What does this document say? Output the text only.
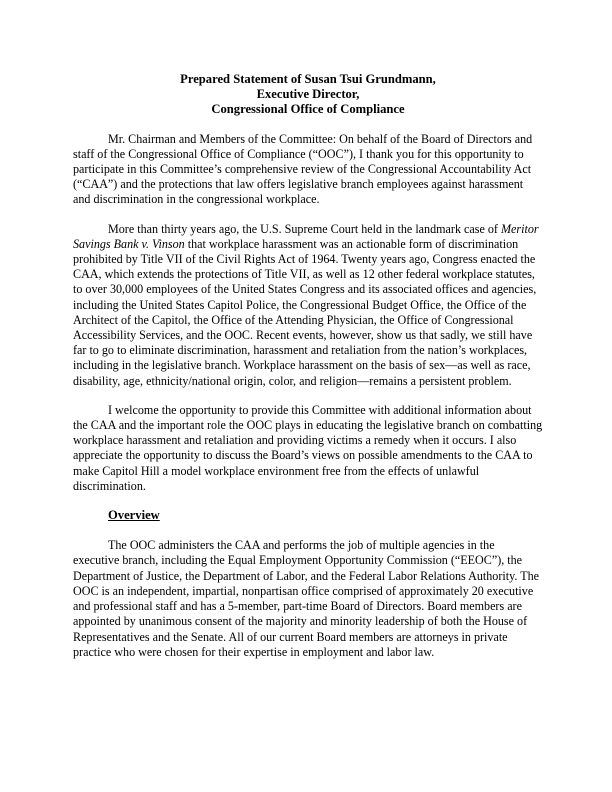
Prepared Statement of Susan Tsui Grundmann,
Executive Director,
Congressional Office of Compliance

Mr. Chairman and Members of the Committee: On behalf of the Board of Directors and staff of the Congressional Office of Compliance (“OOC”), I thank you for this opportunity to participate in this Committee’s comprehensive review of the Congressional Accountability Act (“CAA”) and the protections that law offers legislative branch employees against harassment and discrimination in the congressional workplace.

More than thirty years ago, the U.S. Supreme Court held in the landmark case of Meritor Savings Bank v. Vinson that workplace harassment was an actionable form of discrimination prohibited by Title VII of the Civil Rights Act of 1964. Twenty years ago, Congress enacted the CAA, which extends the protections of Title VII, as well as 12 other federal workplace statutes, to over 30,000 employees of the United States Congress and its associated offices and agencies, including the United States Capitol Police, the Congressional Budget Office, the Office of the Architect of the Capitol, the Office of the Attending Physician, the Office of Congressional Accessibility Services, and the OOC. Recent events, however, show us that sadly, we still have far to go to eliminate discrimination, harassment and retaliation from the nation’s workplaces, including in the legislative branch. Workplace harassment on the basis of sex—as well as race, disability, age, ethnicity/national origin, color, and religion—remains a persistent problem.

I welcome the opportunity to provide this Committee with additional information about the CAA and the important role the OOC plays in educating the legislative branch on combatting workplace harassment and retaliation and providing victims a remedy when it occurs. I also appreciate the opportunity to discuss the Board’s views on possible amendments to the CAA to make Capitol Hill a model workplace environment free from the effects of unlawful discrimination.

Overview

The OOC administers the CAA and performs the job of multiple agencies in the executive branch, including the Equal Employment Opportunity Commission (“EEOC”), the Department of Justice, the Department of Labor, and the Federal Labor Relations Authority. The OOC is an independent, impartial, nonpartisan office comprised of approximately 20 executive and professional staff and has a 5-member, part-time Board of Directors. Board members are appointed by unanimous consent of the majority and minority leadership of both the House of Representatives and the Senate. All of our current Board members are attorneys in private practice who were chosen for their expertise in employment and labor law.
